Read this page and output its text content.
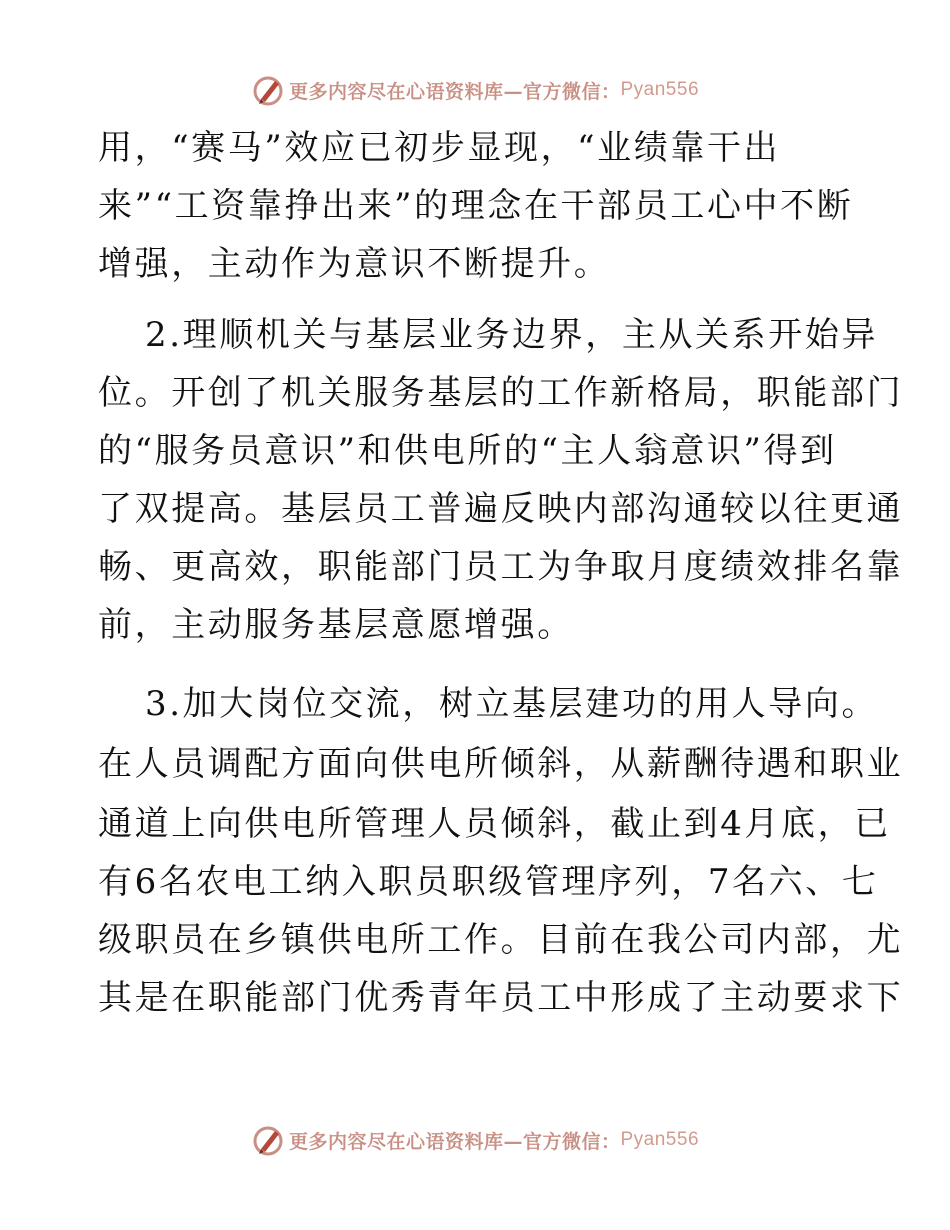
更多内容尽在心语资料库—官方微信： Pyan556
用，“赛马”效应已初步显现，“业绩靠干出
来”“工资靠挣出来”的理念在干部员工心中不断
增强，主动作为意识不断提升。
2.理顺机关与基层业务边界，主从关系开始异
位。开创了机关服务基层的工作新格局，职能部门
的“服务员意识”和供电所的“主人翁意识”得到
了双提高。基层员工普遍反映内部沟通较以往更通
畅、更高效，职能部门员工为争取月度绩效排名靠
前，主动服务基层意愿增强。
3.加大岗位交流，树立基层建功的用人导向。
在人员调配方面向供电所倾斜，从薪酬待遇和职业
通道上向供电所管理人员倾斜，截止到4月底，已
有6名农电工纳入职员职级管理序列，7名六、七
级职员在乡镇供电所工作。目前在我公司内部，尤
其是在职能部门优秀青年员工中形成了主动要求下
更多内容尽在心语资料库—官方微信： Pyan556
